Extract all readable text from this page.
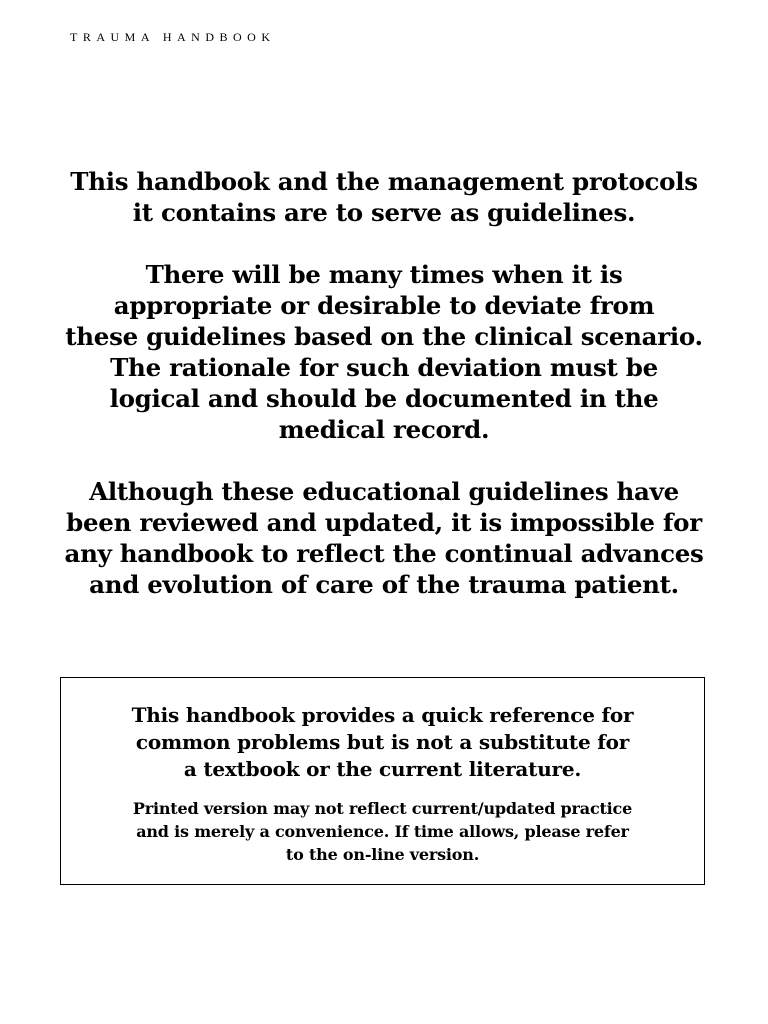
TRAUMA HANDBOOK

This handbook and the management protocols
it contains are to serve as guidelines.

There will be many times when it is
appropriate or desirable to deviate from
these guidelines based on the clinical scenario.
The rationale for such deviation must be
logical and should be documented in the
medical record.

Although these educational guidelines have
been reviewed and updated, it is impossible for
any handbook to reflect the continual advances
and evolution of care of the trauma patient.

This handbook provides a quick reference for
common problems but is not a substitute for
a textbook or the current literature.

Printed version may not reflect current/updated practice
and is merely a convenience. If time allows, please refer
to the on-line version.
